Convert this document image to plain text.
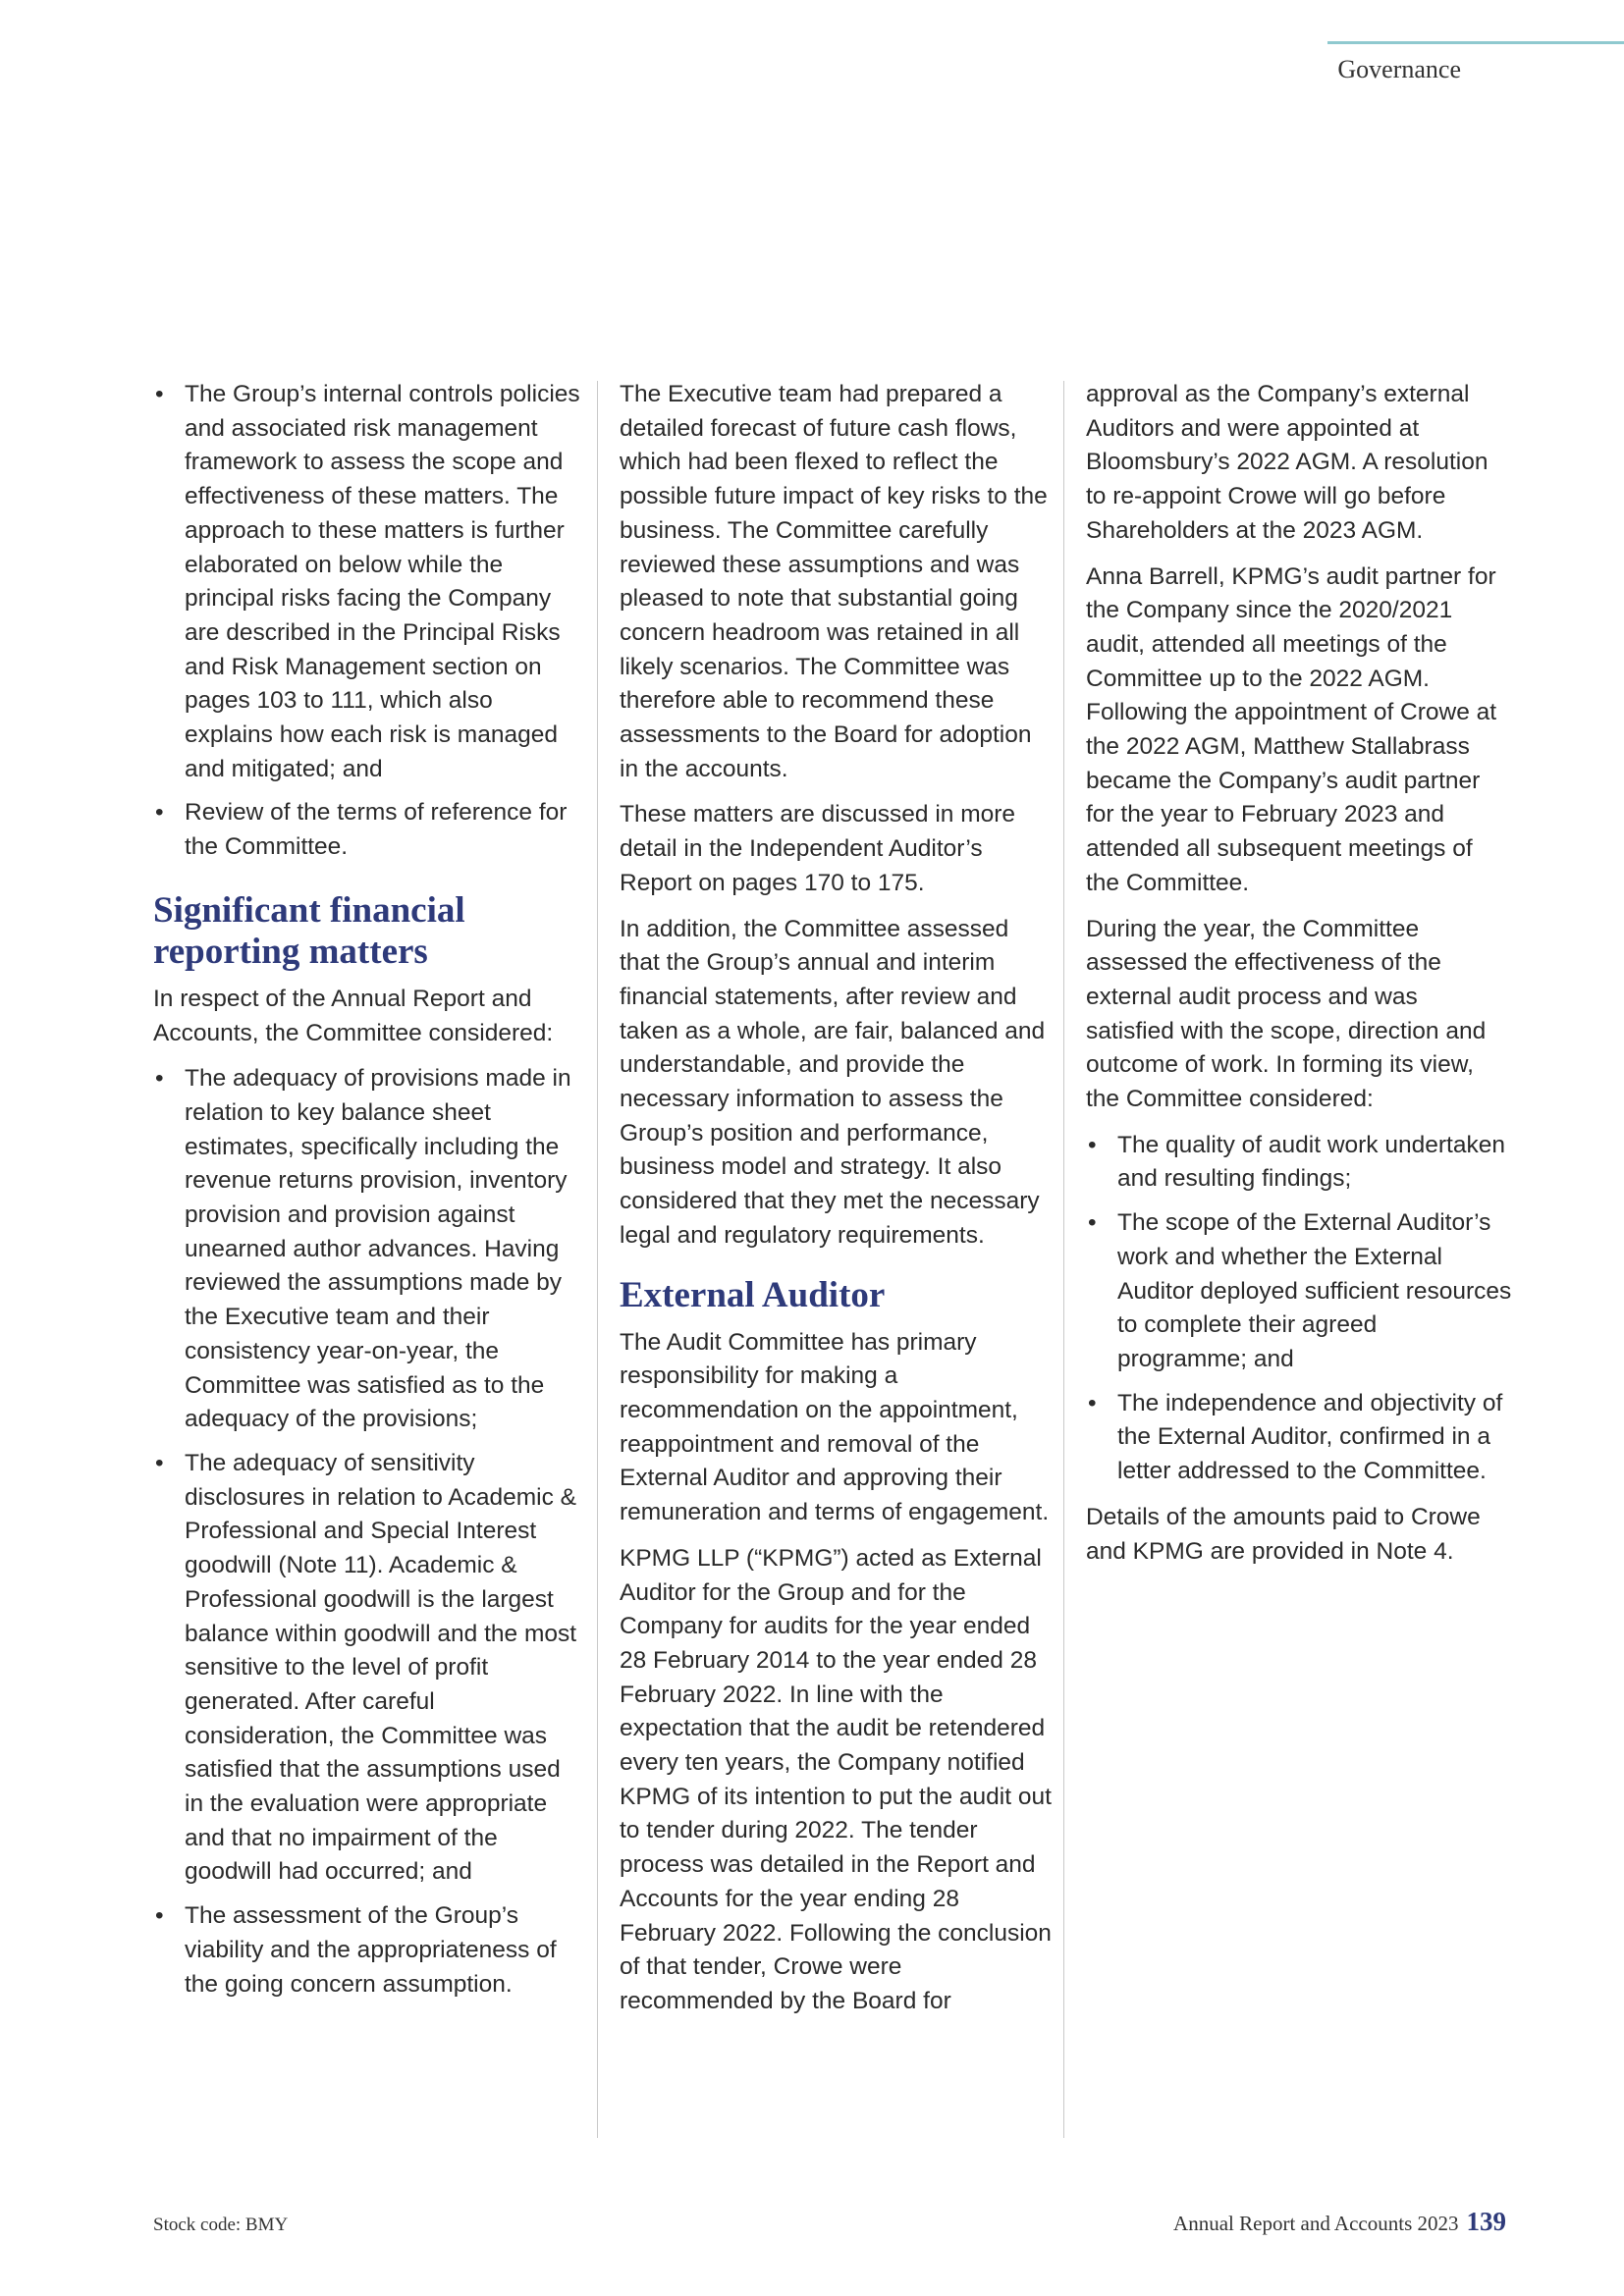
Governance
• The Group’s internal controls policies and associated risk management framework to assess the scope and effectiveness of these matters. The approach to these matters is further elaborated on below while the principal risks facing the Company are described in the Principal Risks and Risk Management section on pages 103 to 111, which also explains how each risk is managed and mitigated; and
• Review of the terms of reference for the Committee.
Significant financial reporting matters

In respect of the Annual Report and Accounts, the Committee considered:

• The adequacy of provisions made in relation to key balance sheet estimates, specifically including the revenue returns provision, inventory provision and provision against unearned author advances. Having reviewed the assumptions made by the Executive team and their consistency year-on-year, the Committee was satisfied as to the adequacy of the provisions;
• The adequacy of sensitivity disclosures in relation to Academic & Professional and Special Interest goodwill (Note 11). Academic & Professional goodwill is the largest balance within goodwill and the most sensitive to the level of profit generated. After careful consideration, the Committee was satisfied that the assumptions used in the evaluation were appropriate and that no impairment of the goodwill had occurred; and
• The assessment of the Group’s viability and the appropriateness of the going concern assumption.

The Executive team had prepared a detailed forecast of future cash flows, which had been flexed to reflect the possible future impact of key risks to the business. The Committee carefully reviewed these assumptions and was pleased to note that substantial going concern headroom was retained in all likely scenarios. The Committee was therefore able to recommend these assessments to the Board for adoption in the accounts.

These matters are discussed in more detail in the Independent Auditor’s Report on pages 170 to 175.

In addition, the Committee assessed that the Group’s annual and interim financial statements, after review and taken as a whole, are fair, balanced and understandable, and provide the necessary information to assess the Group’s position and performance, business model and strategy. It also considered that they met the necessary legal and regulatory requirements.

External Auditor

The Audit Committee has primary responsibility for making a recommendation on the appointment, reappointment and removal of the External Auditor and approving their remuneration and terms of engagement.

KPMG LLP (“KPMG”) acted as External Auditor for the Group and for the Company for audits for the year ended 28 February 2014 to the year ended 28 February 2022. In line with the expectation that the audit be retendered every ten years, the Company notified KPMG of its intention to put the audit out to tender during 2022. The tender process was detailed in the Report and Accounts for the year ending 28 February 2022. Following the conclusion of that tender, Crowe were recommended by the Board for

approval as the Company’s external Auditors and were appointed at Bloomsbury’s 2022 AGM. A resolution to re-appoint Crowe will go before Shareholders at the 2023 AGM.

Anna Barrell, KPMG’s audit partner for the Company since the 2020/2021 audit, attended all meetings of the Committee up to the 2022 AGM. Following the appointment of Crowe at the 2022 AGM, Matthew Stallabrass became the Company’s audit partner for the year to February 2023 and attended all subsequent meetings of the Committee.

During the year, the Committee assessed the effectiveness of the external audit process and was satisfied with the scope, direction and outcome of work. In forming its view, the Committee considered:

• The quality of audit work undertaken and resulting findings;
• The scope of the External Auditor’s work and whether the External Auditor deployed sufficient resources to complete their agreed programme; and
• The independence and objectivity of the External Auditor, confirmed in a letter addressed to the Committee.

Details of the amounts paid to Crowe and KPMG are provided in Note 4.

Stock code: BMY	Annual Report and Accounts 2023 139
